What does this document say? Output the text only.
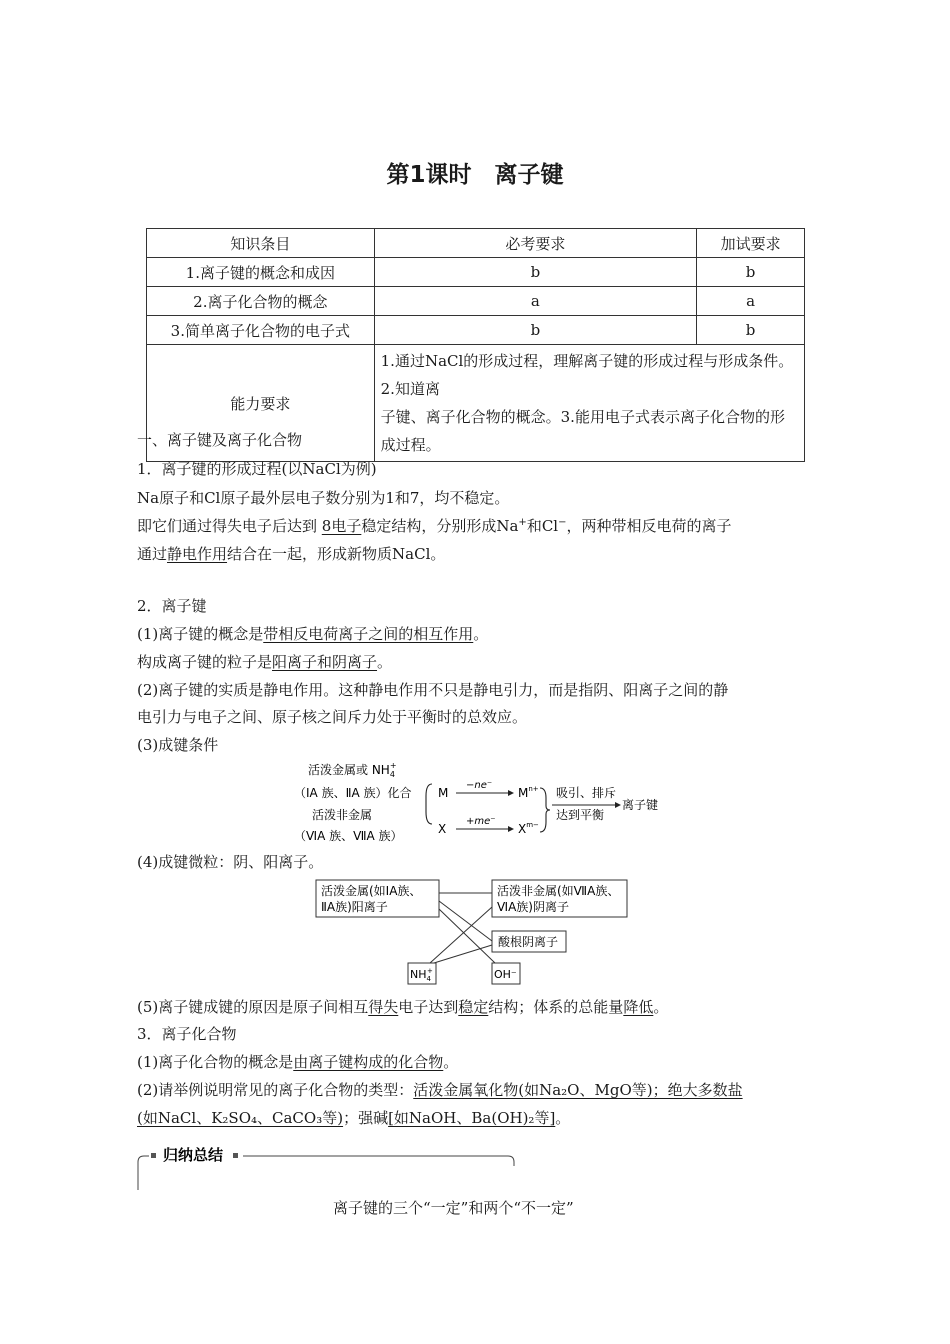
第1课时　离子键
知识条目	必考要求	加试要求
1.离子键的概念和成因	b	b
2.离子化合物的概念	a	a
3.简单离子化合物的电子式	b	b
能力要求	1.通过NaCl的形成过程，理解离子键的形成过程与形成条件。2.知道离
子键、离子化合物的概念。3.能用电子式表示离子化合物的形成过程。	
一、离子键及离子化合物
1．离子键的形成过程(以NaCl为例)
Na原子和Cl原子最外层电子数分别为1和7，均不稳定。
即它们通过得失电子后达到 8电子稳定结构，分别形成Na+和Cl−，两种带相反电荷的离子
通过静电作用结合在一起，形成新物质NaCl。
2．离子键
(1)离子键的概念是带相反电荷离子之间的相互作用。
构成离子键的粒子是阳离子和阴离子。
(2)离子键的实质是静电作用。这种静电作用不只是静电引力，而是指阴、阳离子之间的静
电引力与电子之间、原子核之间斥力处于平衡时的总效应。
(3)成键条件
活泼金属或 $NH_4+$
（ⅠA 族、ⅡA 族）化合
活泼非金属
（ⅥA 族、ⅦA 族）
M
X
−ne⁻
+me⁻
$M^{n+}$
$X^{m-}$
吸引、排斥
达到平衡
离子键
(4)成键微粒：阴、阳离子。
活泼金属(如ⅠA族、
ⅡA族)阳离子
活泼非金属(如ⅦA族、
ⅥA族)阴离子
酸根阴离子
$NH_4+$	OH⁻
(5)离子键成键的原因是原子间相互得失电子达到稳定结构；体系的总能量降低。
3．离子化合物
(1)离子化合物的概念是由离子键构成的化合物。
(2)请举例说明常见的离子化合物的类型：活泼金属氧化物(如Na₂O、MgO等)；绝大多数盐
(如NaCl、K₂SO₄、CaCO₃等)；强碱[如NaOH、Ba(OH)₂等]。
归纳总结
离子键的三个“一定”和两个“不一定”
